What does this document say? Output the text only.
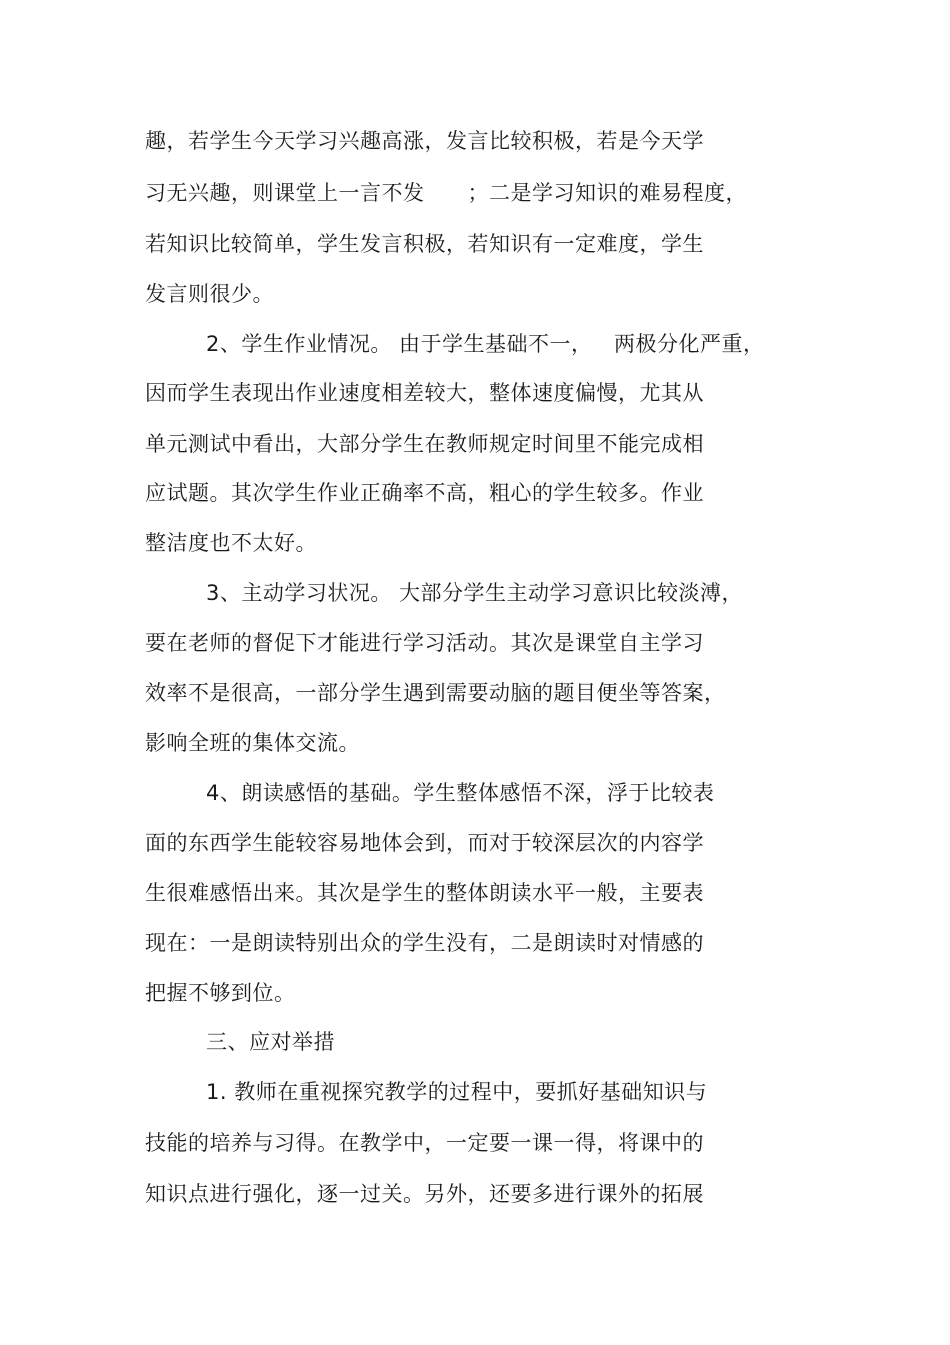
趣，若学生今天学习兴趣高涨，发言比较积极，若是今天学
习无兴趣，则课堂上一言不发      ；二是学习知识的难易程度，
若知识比较简单，学生发言积极，若知识有一定难度，学生
发言则很少。
2、学生作业情况。 由于学生基础不一，   两极分化严重，
因而学生表现出作业速度相差较大，整体速度偏慢，尤其从
单元测试中看出，大部分学生在教师规定时间里不能完成相
应试题。其次学生作业正确率不高，粗心的学生较多。作业
整洁度也不太好。
3、主动学习状况。 大部分学生主动学习意识比较淡溥，
要在老师的督促下才能进行学习活动。其次是课堂自主学习
效率不是很高，一部分学生遇到需要动脑的题目便坐等答案，
影响全班的集体交流。
4、朗读感悟的基础。学生整体感悟不深，浮于比较表
面的东西学生能较容易地体会到，而对于较深层次的内容学
生很难感悟出来。其次是学生的整体朗读水平一般，主要表
现在：一是朗读特别出众的学生没有，二是朗读时对情感的
把握不够到位。
三、应对举措
1. 教师在重视探究教学的过程中，要抓好基础知识与
技能的培养与习得。在教学中，一定要一课一得，将课中的
知识点进行强化，逐一过关。另外，还要多进行课外的拓展
